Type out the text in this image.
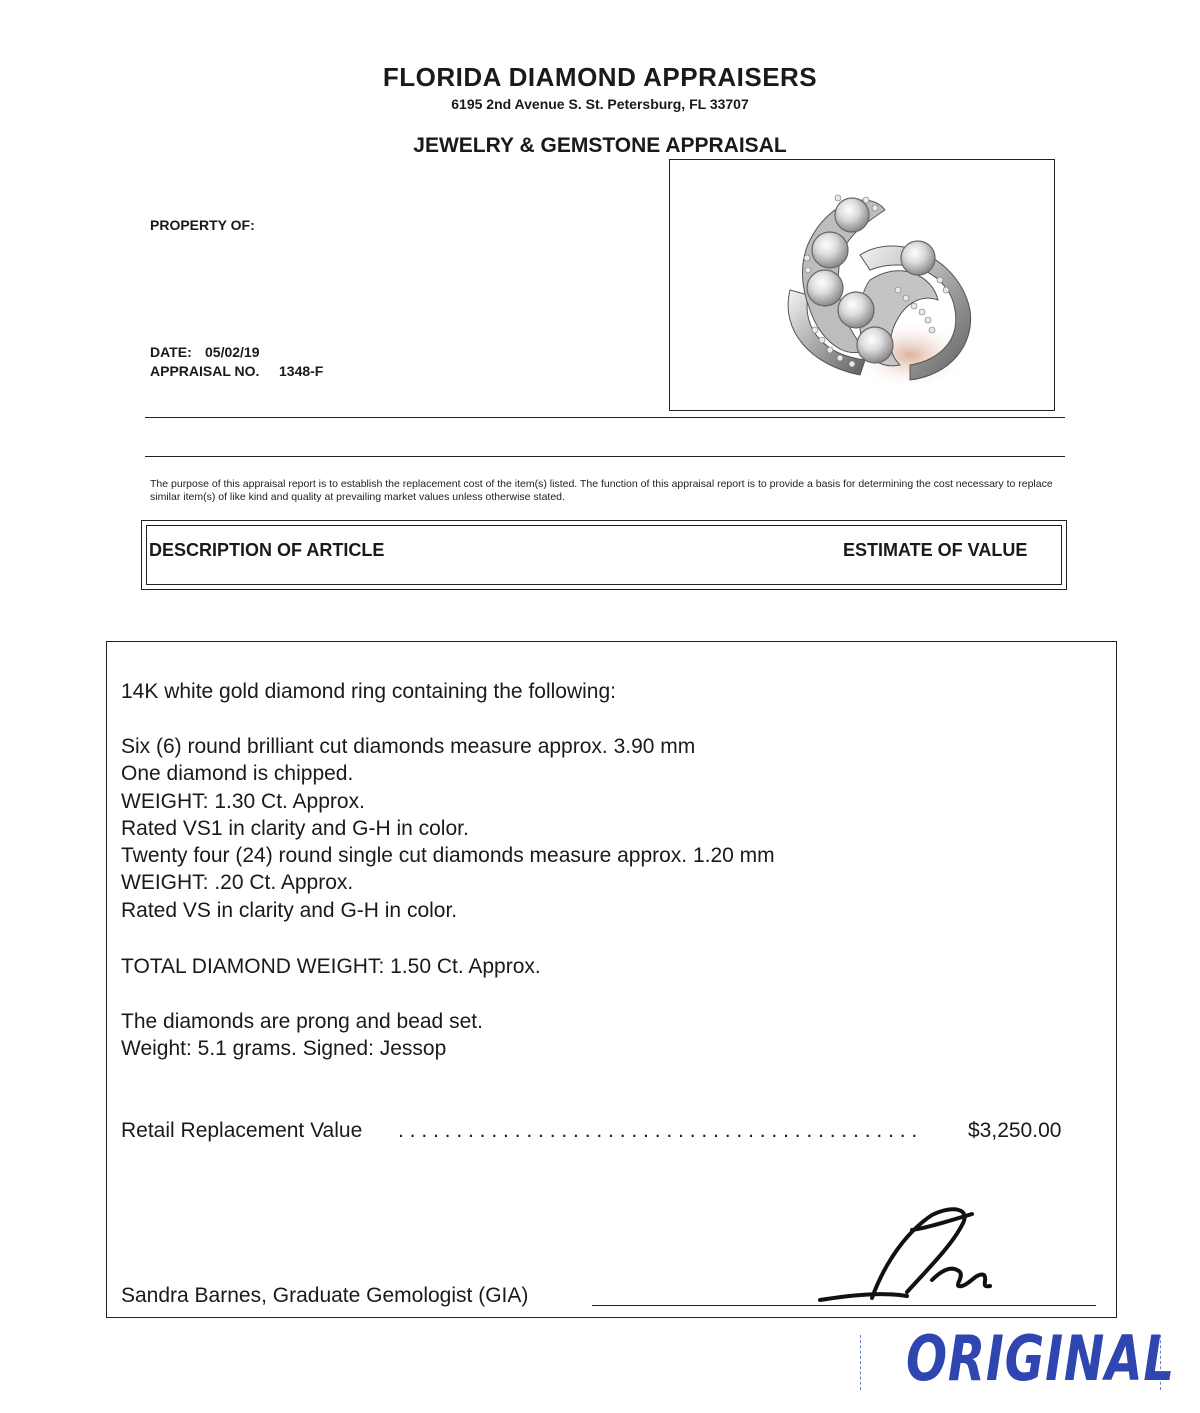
FLORIDA DIAMOND APPRAISERS
6195 2nd Avenue S. St. Petersburg, FL 33707
JEWELRY & GEMSTONE APPRAISAL
PROPERTY OF:
DATE: 05/02/19
APPRAISAL NO. 1348-F
The purpose of this appraisal report is to establish the replacement cost of the item(s) listed. The function of this appraisal report is to provide a basis for determining the cost necessary to replace similar item(s) of like kind and quality at prevailing market values unless otherwise stated.
DESCRIPTION OF ARTICLE	ESTIMATE OF VALUE
14K white gold diamond ring containing the following:
Six (6) round brilliant cut diamonds measure approx. 3.90 mm
One diamond is chipped.
WEIGHT: 1.30 Ct. Approx.
Rated VS1 in clarity and G-H in color.
Twenty four (24) round single cut diamonds measure approx. 1.20 mm
WEIGHT: .20 Ct. Approx.
Rated VS in clarity and G-H in color.
TOTAL DIAMOND WEIGHT: 1.50 Ct. Approx.
The diamonds are prong and bead set.
Weight: 5.1 grams. Signed: Jessop
Retail Replacement Value . . . . . . . . . . . . . . . . . . . . . . . . . . . . . . . . . . . . . . . . . . . . .	$3,250.00
Sandra Barnes, Graduate Gemologist (GIA)
ORIGINAL
